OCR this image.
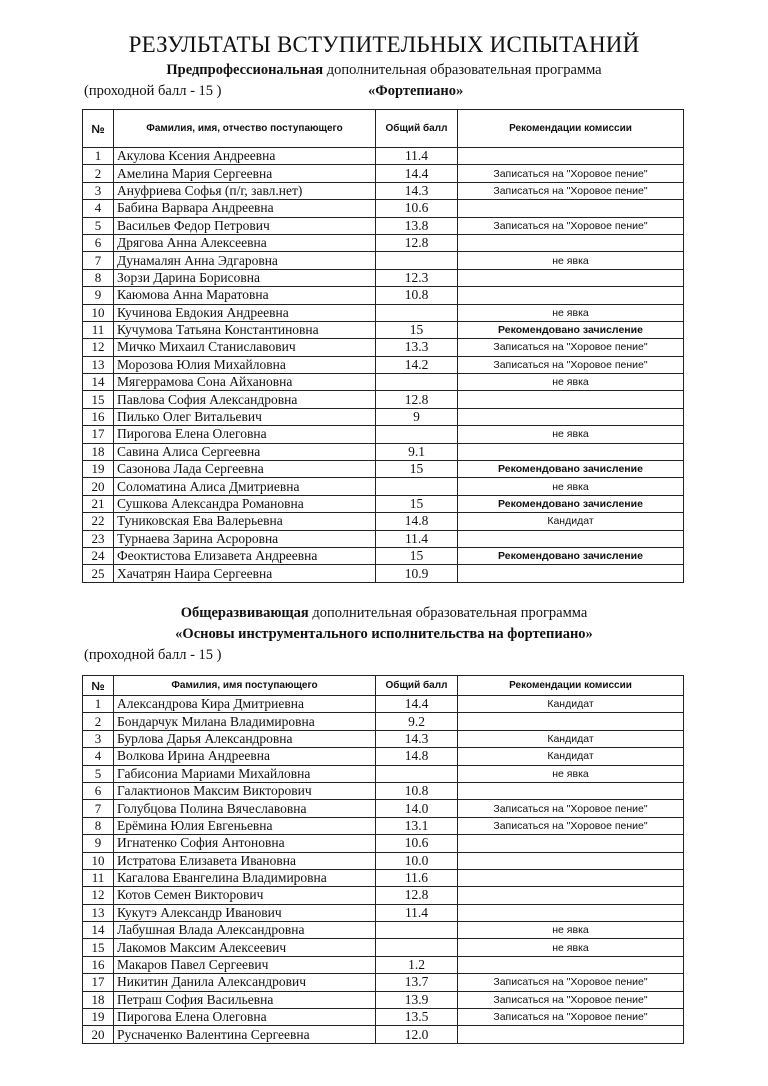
РЕЗУЛЬТАТЫ ВСТУПИТЕЛЬНЫХ ИСПЫТАНИЙ
Предпрофессиональная дополнительная образовательная программа
(проходной балл - 15 )	«Фортепиано»
№	Фамилия, имя, отчество поступающего	Общий балл	Рекомендации комиссии
1	Акулова Ксения Андреевна	11.4	
2	Амелина Мария Сергеевна	14.4	Записаться на "Хоровое пение"
3	Ануфриева Софья (п/г, завл.нет)	14.3	Записаться на "Хоровое пение"
4	Бабина Варвара Андреевна	10.6	
5	Васильев Федор Петрович	13.8	Записаться на "Хоровое пение"
6	Дрягова Анна Алексеевна	12.8	
7	Дунамалян Анна Эдгаровна		не явка
8	Зорзи Дарина Борисовна	12.3	
9	Каюмова Анна Маратовна	10.8	
10	Кучинова Евдокия Андреевна		не явка
11	Кучумова Татьяна Константиновна	15	Рекомендовано зачисление
12	Мичко Михаил Станиславович	13.3	Записаться на "Хоровое пение"
13	Морозова Юлия Михайловна	14.2	Записаться на "Хоровое пение"
14	Мягеррамова Сона Айхановна		не явка
15	Павлова София Александровна	12.8	
16	Пилько Олег Витальевич	9	
17	Пирогова Елена Олеговна		не явка
18	Савина Алиса Сергеевна	9.1	
19	Сазонова Лада Сергеевна	15	Рекомендовано зачисление
20	Соломатина Алиса Дмитриевна		не явка
21	Сушкова Александра Романовна	15	Рекомендовано зачисление
22	Туниковская Ева Валерьевна	14.8	Кандидат
23	Турнаева Зарина Асроровна	11.4	
24	Феоктистова Елизавета Андреевна	15	Рекомендовано зачисление
25	Хачатрян Наира Сергеевна	10.9	
Общеразвивающая дополнительная образовательная программа
«Основы инструментального исполнительства на фортепиано»
(проходной балл - 15 )
№	Фамилия, имя поступающего	Общий балл	Рекомендации комиссии
1	Александрова Кира Дмитриевна	14.4	Кандидат
2	Бондарчук Милана Владимировна	9.2	
3	Бурлова Дарья Александровна	14.3	Кандидат
4	Волкова Ирина Андреевна	14.8	Кандидат
5	Габисониа Мариами Михайловна		не явка
6	Галактионов Максим Викторович	10.8	
7	Голубцова Полина Вячеславовна	14.0	Записаться на "Хоровое пение"
8	Ерёмина Юлия Евгеньевна	13.1	Записаться на "Хоровое пение"
9	Игнатенко София Антоновна	10.6	
10	Истратова Елизавета Ивановна	10.0	
11	Кагалова Евангелина Владимировна	11.6	
12	Котов Семен Викторович	12.8	
13	Кукутэ Александр Иванович	11.4	
14	Лабушная Влада Александровна		не явка
15	Лакомов Максим Алексеевич		не явка
16	Макаров Павел Сергеевич	1.2	
17	Никитин Данила Александрович	13.7	Записаться на "Хоровое пение"
18	Петраш София Васильевна	13.9	Записаться на "Хоровое пение"
19	Пирогова Елена Олеговна	13.5	Записаться на "Хоровое пение"
20	Русначенко Валентина Сергеевна	12.0	
